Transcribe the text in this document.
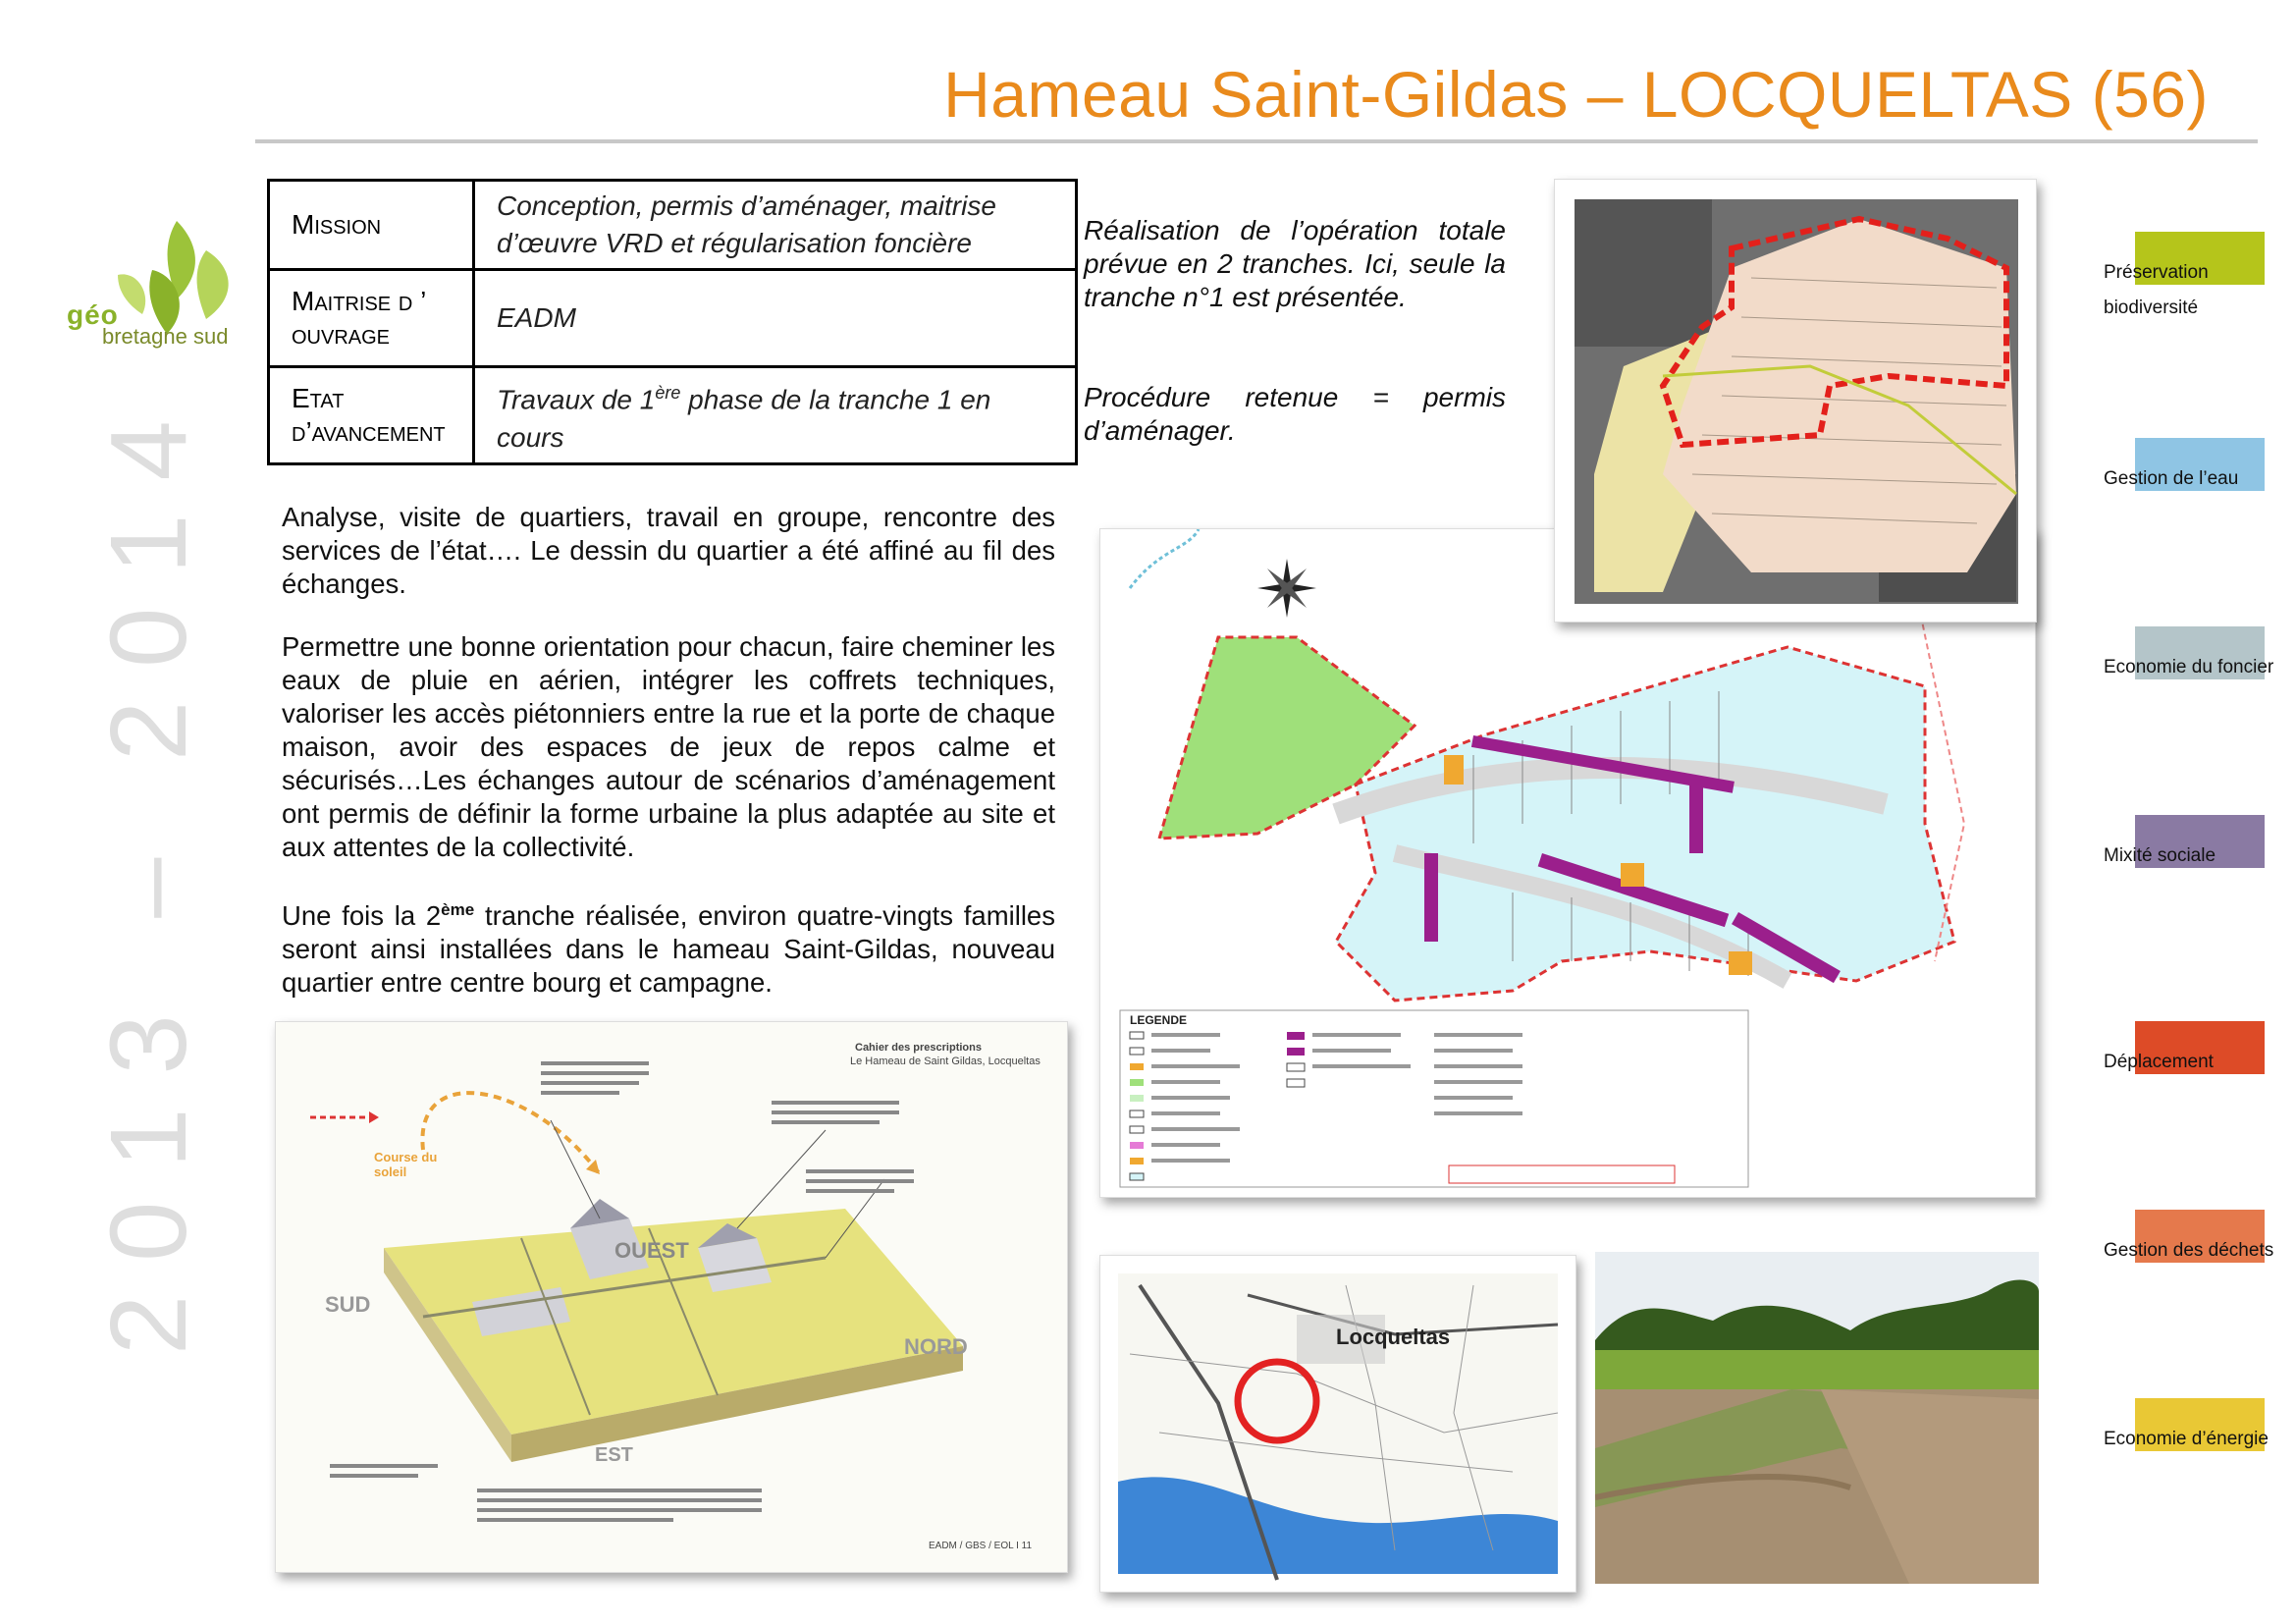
Hameau Saint-Gildas – LOCQUELTAS (56)
géo
bretagne sud
2013 – 2014
Mission	Conception, permis d’aménager, maitrise d’œuvre VRD et régularisation foncière
Maitrise d ’
ouvrage	EADM
Etat
d’avancement	Travaux de 1ère phase de la tranche 1 en cours
Réalisation de l’opération totale prévue en 2 tranches. Ici, seule la tranche n°1 est présentée.
Procédure retenue = permis d’aménager.
Analyse, visite de quartiers, travail en groupe, rencontre des services de l’état…. Le dessin du quartier a été affiné au fil des échanges.
Permettre une bonne orientation pour chacun, faire cheminer les eaux de pluie en aérien, intégrer les coffrets techniques, valoriser les accès piétonniers entre la rue et la porte de chaque maison, avoir des espaces de jeux de repos calme et sécurisés…Les échanges autour de scénarios d’aménagement ont permis de définir la forme urbaine la plus adaptée au site et aux attentes de la collectivité.
Une fois la 2ème tranche réalisée, environ quatre-vingts familles seront ainsi installées dans le hameau Saint-Gildas, nouveau quartier entre centre bourg et campagne.
Cahier des prescriptions
Le Hameau de Saint Gildas, Locqueltas
Course du soleil
OUEST
SUD
NORD
EST
EADM / GBS / EOL I 11
LEGENDE
Locqueltas
Préservation
biodiversité
Gestion de l’eau
Economie du foncier
Mixité sociale
Déplacement
Gestion des déchets
Economie d’énergie
